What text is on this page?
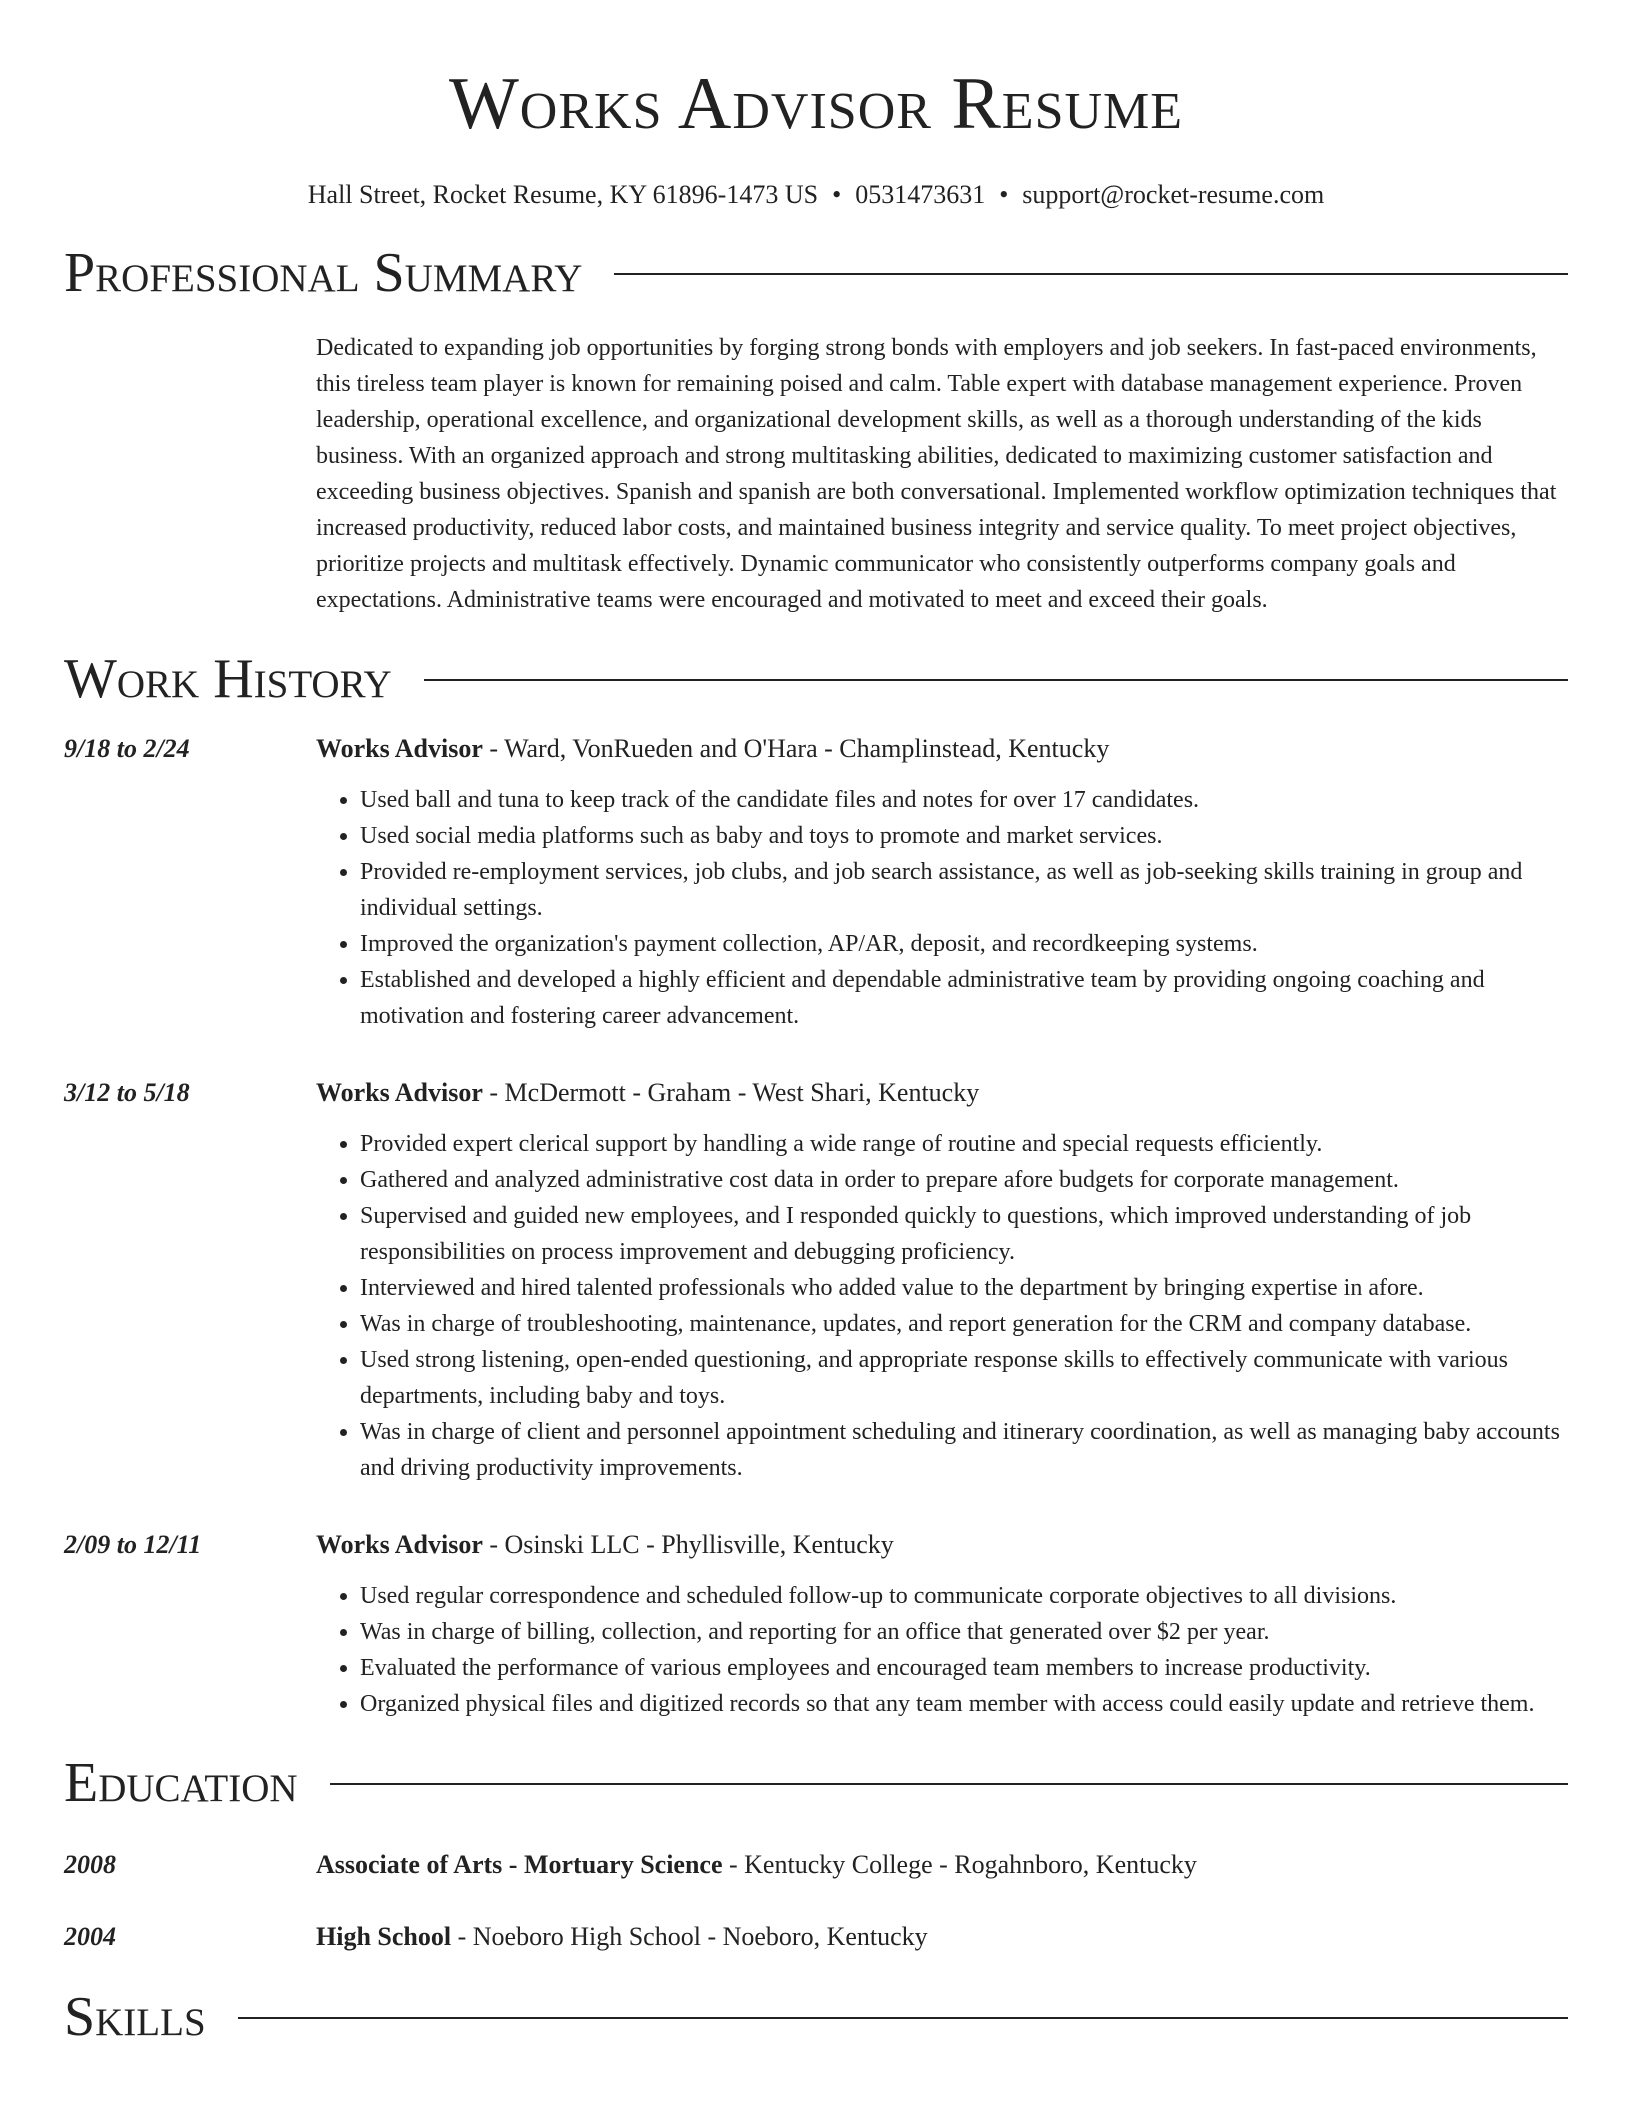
Works Advisor Resume
Hall Street, Rocket Resume, KY 61896-1473 US • 0531473631 • support@rocket-resume.com
Professional Summary
Dedicated to expanding job opportunities by forging strong bonds with employers and job seekers. In fast-paced environments, this tireless team player is known for remaining poised and calm. Table expert with database management experience. Proven leadership, operational excellence, and organizational development skills, as well as a thorough understanding of the kids business. With an organized approach and strong multitasking abilities, dedicated to maximizing customer satisfaction and exceeding business objectives. Spanish and spanish are both conversational. Implemented workflow optimization techniques that increased productivity, reduced labor costs, and maintained business integrity and service quality. To meet project objectives, prioritize projects and multitask effectively. Dynamic communicator who consistently outperforms company goals and expectations. Administrative teams were encouraged and motivated to meet and exceed their goals.
Work History
9/18 to 2/24	Works Advisor - Ward, VonRueden and O'Hara - Champlinstead, Kentucky
• Used ball and tuna to keep track of the candidate files and notes for over 17 candidates.
• Used social media platforms such as baby and toys to promote and market services.
• Provided re-employment services, job clubs, and job search assistance, as well as job-seeking skills training in group and individual settings.
• Improved the organization's payment collection, AP/AR, deposit, and recordkeeping systems.
• Established and developed a highly efficient and dependable administrative team by providing ongoing coaching and motivation and fostering career advancement.
3/12 to 5/18	Works Advisor - McDermott - Graham - West Shari, Kentucky
• Provided expert clerical support by handling a wide range of routine and special requests efficiently.
• Gathered and analyzed administrative cost data in order to prepare afore budgets for corporate management.
• Supervised and guided new employees, and I responded quickly to questions, which improved understanding of job responsibilities on process improvement and debugging proficiency.
• Interviewed and hired talented professionals who added value to the department by bringing expertise in afore.
• Was in charge of troubleshooting, maintenance, updates, and report generation for the CRM and company database.
• Used strong listening, open-ended questioning, and appropriate response skills to effectively communicate with various departments, including baby and toys.
• Was in charge of client and personnel appointment scheduling and itinerary coordination, as well as managing baby accounts and driving productivity improvements.
2/09 to 12/11	Works Advisor - Osinski LLC - Phyllisville, Kentucky
• Used regular correspondence and scheduled follow-up to communicate corporate objectives to all divisions.
• Was in charge of billing, collection, and reporting for an office that generated over $2 per year.
• Evaluated the performance of various employees and encouraged team members to increase productivity.
• Organized physical files and digitized records so that any team member with access could easily update and retrieve them.
Education
2008	Associate of Arts - Mortuary Science - Kentucky College - Rogahnboro, Kentucky
2004	High School - Noeboro High School - Noeboro, Kentucky
Skills
